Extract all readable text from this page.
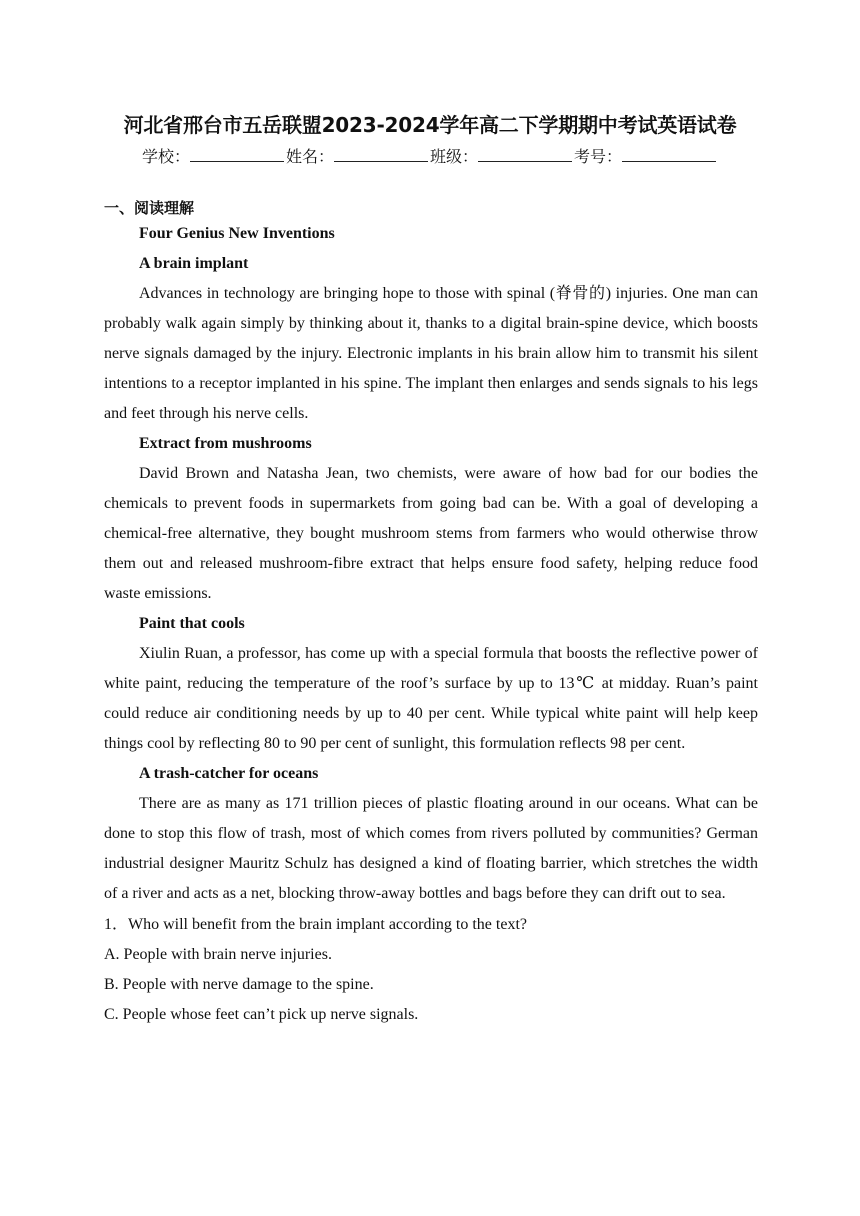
河北省邢台市五岳联盟2023-2024学年高二下学期期中考试英语试卷
学校：	姓名：	班级：	考号：
一、阅读理解

Four Genius New Inventions

A brain implant

Advances in technology are bringing hope to those with spinal (脊骨的) injuries. One man can probably walk again simply by thinking about it, thanks to a digital brain-spine device, which boosts nerve signals damaged by the injury. Electronic implants in his brain allow him to transmit his silent intentions to a receptor implanted in his spine. The implant then enlarges and sends signals to his legs and feet through his nerve cells.

Extract from mushrooms

David Brown and Natasha Jean, two chemists, were aware of how bad for our bodies the chemicals to prevent foods in supermarkets from going bad can be. With a goal of developing a chemical-free alternative, they bought mushroom stems from farmers who would otherwise throw them out and released mushroom-fibre extract that helps ensure food safety, helping reduce food waste emissions.

Paint that cools

Xiulin Ruan, a professor, has come up with a special formula that boosts the reflective power of white paint, reducing the temperature of the roof’s surface by up to 13℃ at midday. Ruan’s paint could reduce air conditioning needs by up to 40 per cent. While typical white paint will help keep things cool by reflecting 80 to 90 per cent of sunlight, this formulation reflects 98 per cent.

A trash-catcher for oceans

There are as many as 171 trillion pieces of plastic floating around in our oceans. What can be done to stop this flow of trash, most of which comes from rivers polluted by communities? German industrial designer Mauritz Schulz has designed a kind of floating barrier, which stretches the width of a river and acts as a net, blocking throw-away bottles and bags before they can drift out to sea.

1．Who will benefit from the brain implant according to the text?

A. People with brain nerve injuries.

B. People with nerve damage to the spine.

C. People whose feet can’t pick up nerve signals.
